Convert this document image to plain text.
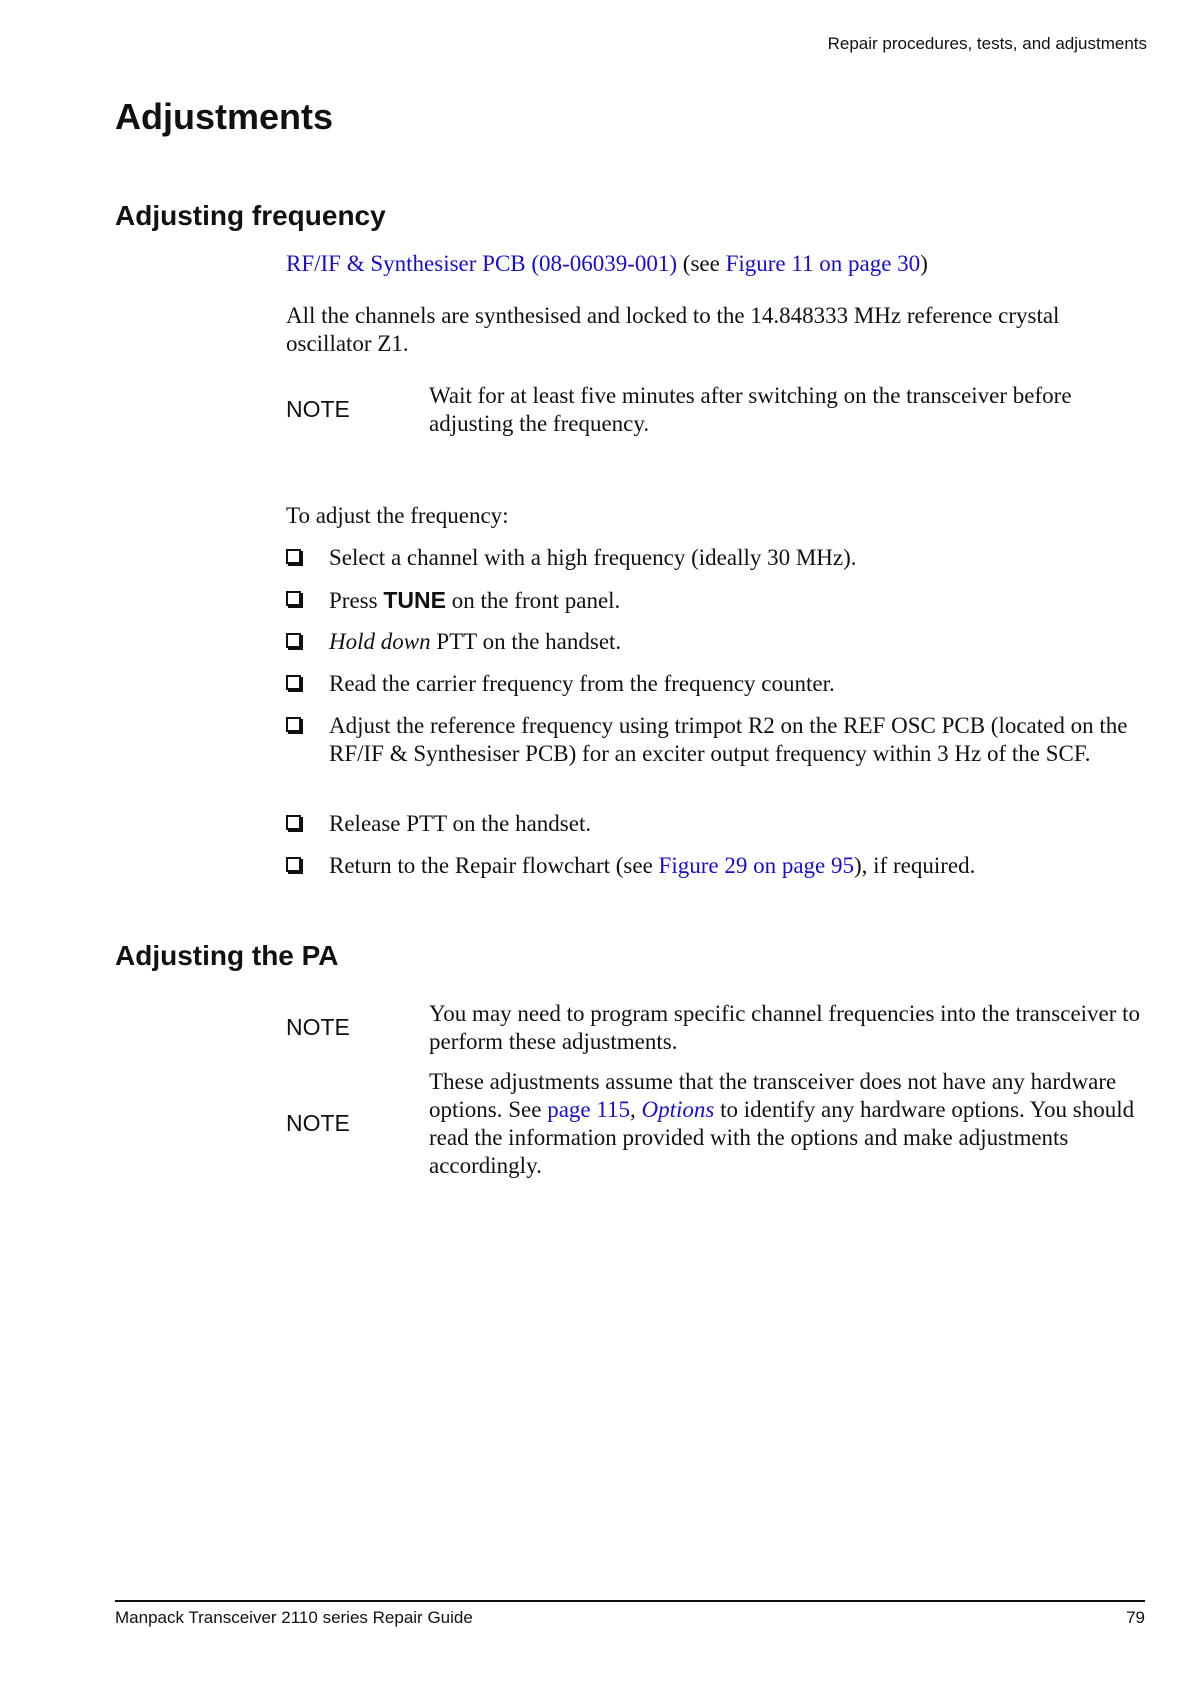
Repair procedures, tests, and adjustments
Adjustments
Adjusting frequency

RF/IF & Synthesiser PCB (08-06039-001) (see Figure 11 on page 30)

All the channels are synthesised and locked to the 14.848333 MHz reference crystal oscillator Z1.

NOTE
Wait for at least five minutes after switching on the transceiver before adjusting the frequency.

To adjust the frequency:

Select a channel with a high frequency (ideally 30 MHz).
Press TUNE on the front panel.
Hold down PTT on the handset.
Read the carrier frequency from the frequency counter.
Adjust the reference frequency using trimpot R2 on the REF OSC PCB (located on the RF/IF & Synthesiser PCB) for an exciter output frequency within 3 Hz of the SCF.
Release PTT on the handset.
Return to the Repair flowchart (see Figure 29 on page 95), if required.
Adjusting the PA
NOTE
You may need to program specific channel frequencies into the transceiver to perform these adjustments.
NOTE
These adjustments assume that the transceiver does not have any hardware options. See page 115, Options to identify any hardware options. You should read the information provided with the options and make adjustments accordingly.
Manpack Transceiver 2110 series Repair Guide	79
